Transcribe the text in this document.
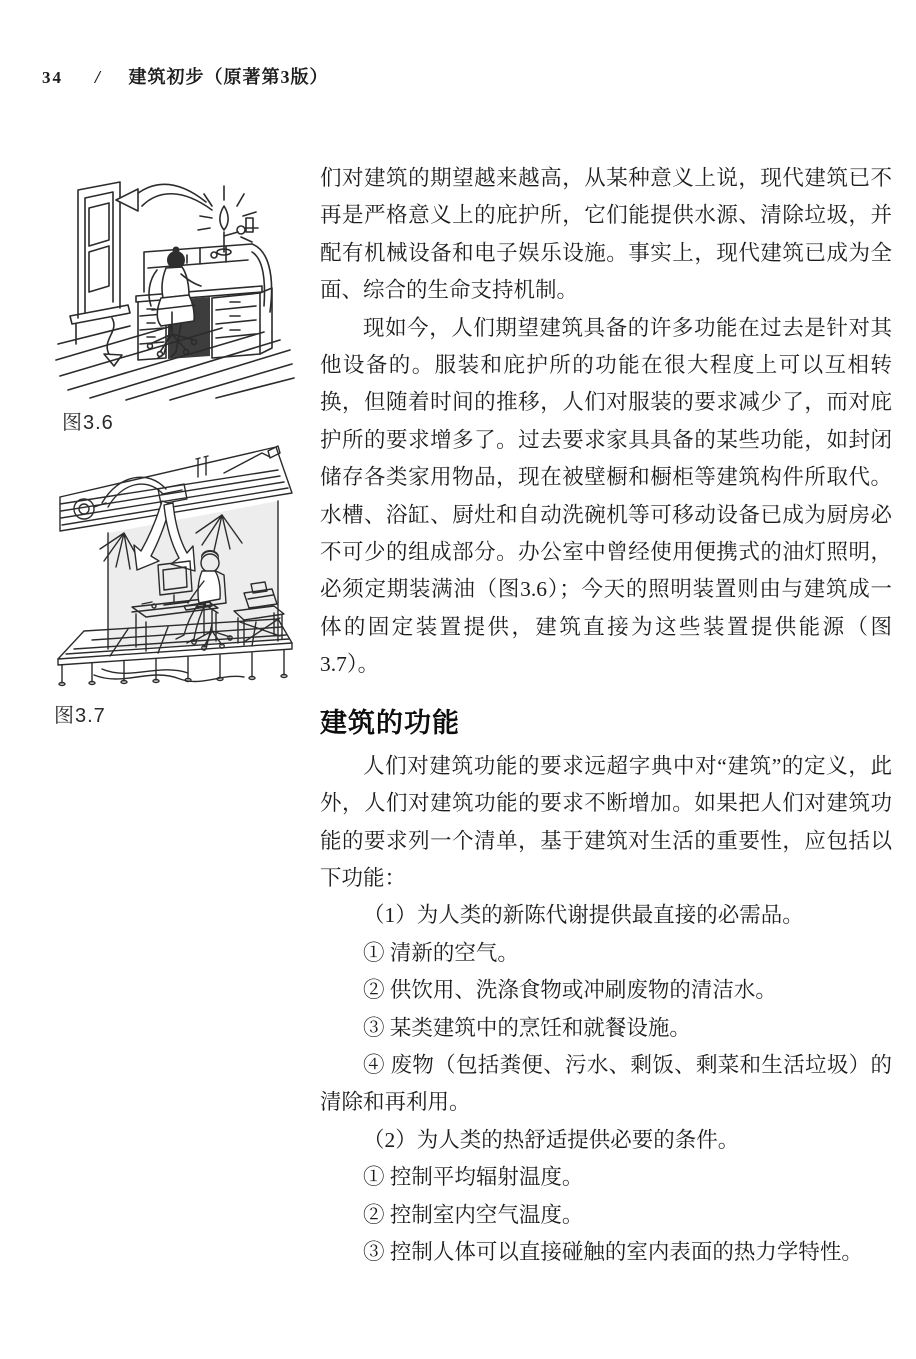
34 / 建筑初步（原著第3版）
图3.6
图3.7

们对建筑的期望越来越高，从某种意义上说，现代建筑已不再是严格意义上的庇护所，它们能提供水源、清除垃圾，并配有机械设备和电子娱乐设施。事实上，现代建筑已成为全面、综合的生命支持机制。

现如今，人们期望建筑具备的许多功能在过去是针对其他设备的。服装和庇护所的功能在很大程度上可以互相转换，但随着时间的推移，人们对服装的要求减少了，而对庇护所的要求增多了。过去要求家具具备的某些功能，如封闭储存各类家用物品，现在被壁橱和橱柜等建筑构件所取代。水槽、浴缸、厨灶和自动洗碗机等可移动设备已成为厨房必不可少的组成部分。办公室中曾经使用便携式的油灯照明，必须定期装满油（图3.6）；今天的照明装置则由与建筑成一体的固定装置提供，建筑直接为这些装置提供能源（图3.7）。

建筑的功能

人们对建筑功能的要求远超字典中对“建筑”的定义，此外，人们对建筑功能的要求不断增加。如果把人们对建筑功能的要求列一个清单，基于建筑对生活的重要性，应包括以下功能：

（1）为人类的新陈代谢提供最直接的必需品。

① 清新的空气。

② 供饮用、洗涤食物或冲刷废物的清洁水。

③ 某类建筑中的烹饪和就餐设施。

④ 废物（包括粪便、污水、剩饭、剩菜和生活垃圾）的清除和再利用。

（2）为人类的热舒适提供必要的条件。

① 控制平均辐射温度。

② 控制室内空气温度。

③ 控制人体可以直接碰触的室内表面的热力学特性。
